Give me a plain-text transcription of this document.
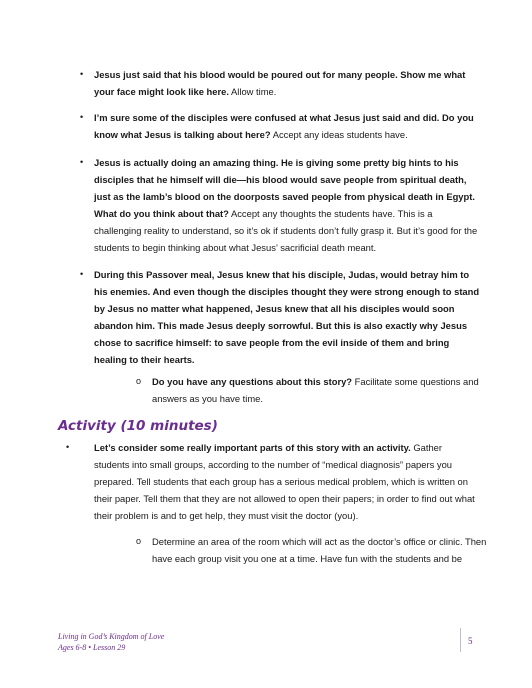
• Jesus just said that his blood would be poured out for many people. Show me what your face might look like here. Allow time.
• I’m sure some of the disciples were confused at what Jesus just said and did. Do you know what Jesus is talking about here? Accept any ideas students have.
• Jesus is actually doing an amazing thing. He is giving some pretty big hints to his disciples that he himself will die—his blood would save people from spiritual death, just as the lamb’s blood on the doorposts saved people from physical death in Egypt. What do you think about that? Accept any thoughts the students have. This is a challenging reality to understand, so it’s ok if students don’t fully grasp it. But it’s good for the students to begin thinking about what Jesus’ sacrificial death meant.
• During this Passover meal, Jesus knew that his disciple, Judas, would betray him to his enemies. And even though the disciples thought they were strong enough to stand by Jesus no matter what happened, Jesus knew that all his disciples would soon abandon him. This made Jesus deeply sorrowful. But this is also exactly why Jesus chose to sacrifice himself: to save people from the evil inside of them and bring healing to their hearts.
o Do you have any questions about this story? Facilitate some questions and answers as you have time.
Activity (10 minutes)
•	Let’s consider some really important parts of this story with an activity. Gather students into small groups, according to the number of “medical diagnosis” papers you prepared. Tell students that each group has a serious medical problem, which is written on their paper. Tell them that they are not allowed to open their papers; in order to find out what their problem is and to get help, they must visit the doctor (you).
o Determine an area of the room which will act as the doctor’s office or clinic. Then have each group visit you one at a time. Have fun with the students and be
Living in God’s Kingdom of Love
Ages 6-8 • Lesson 29
5
